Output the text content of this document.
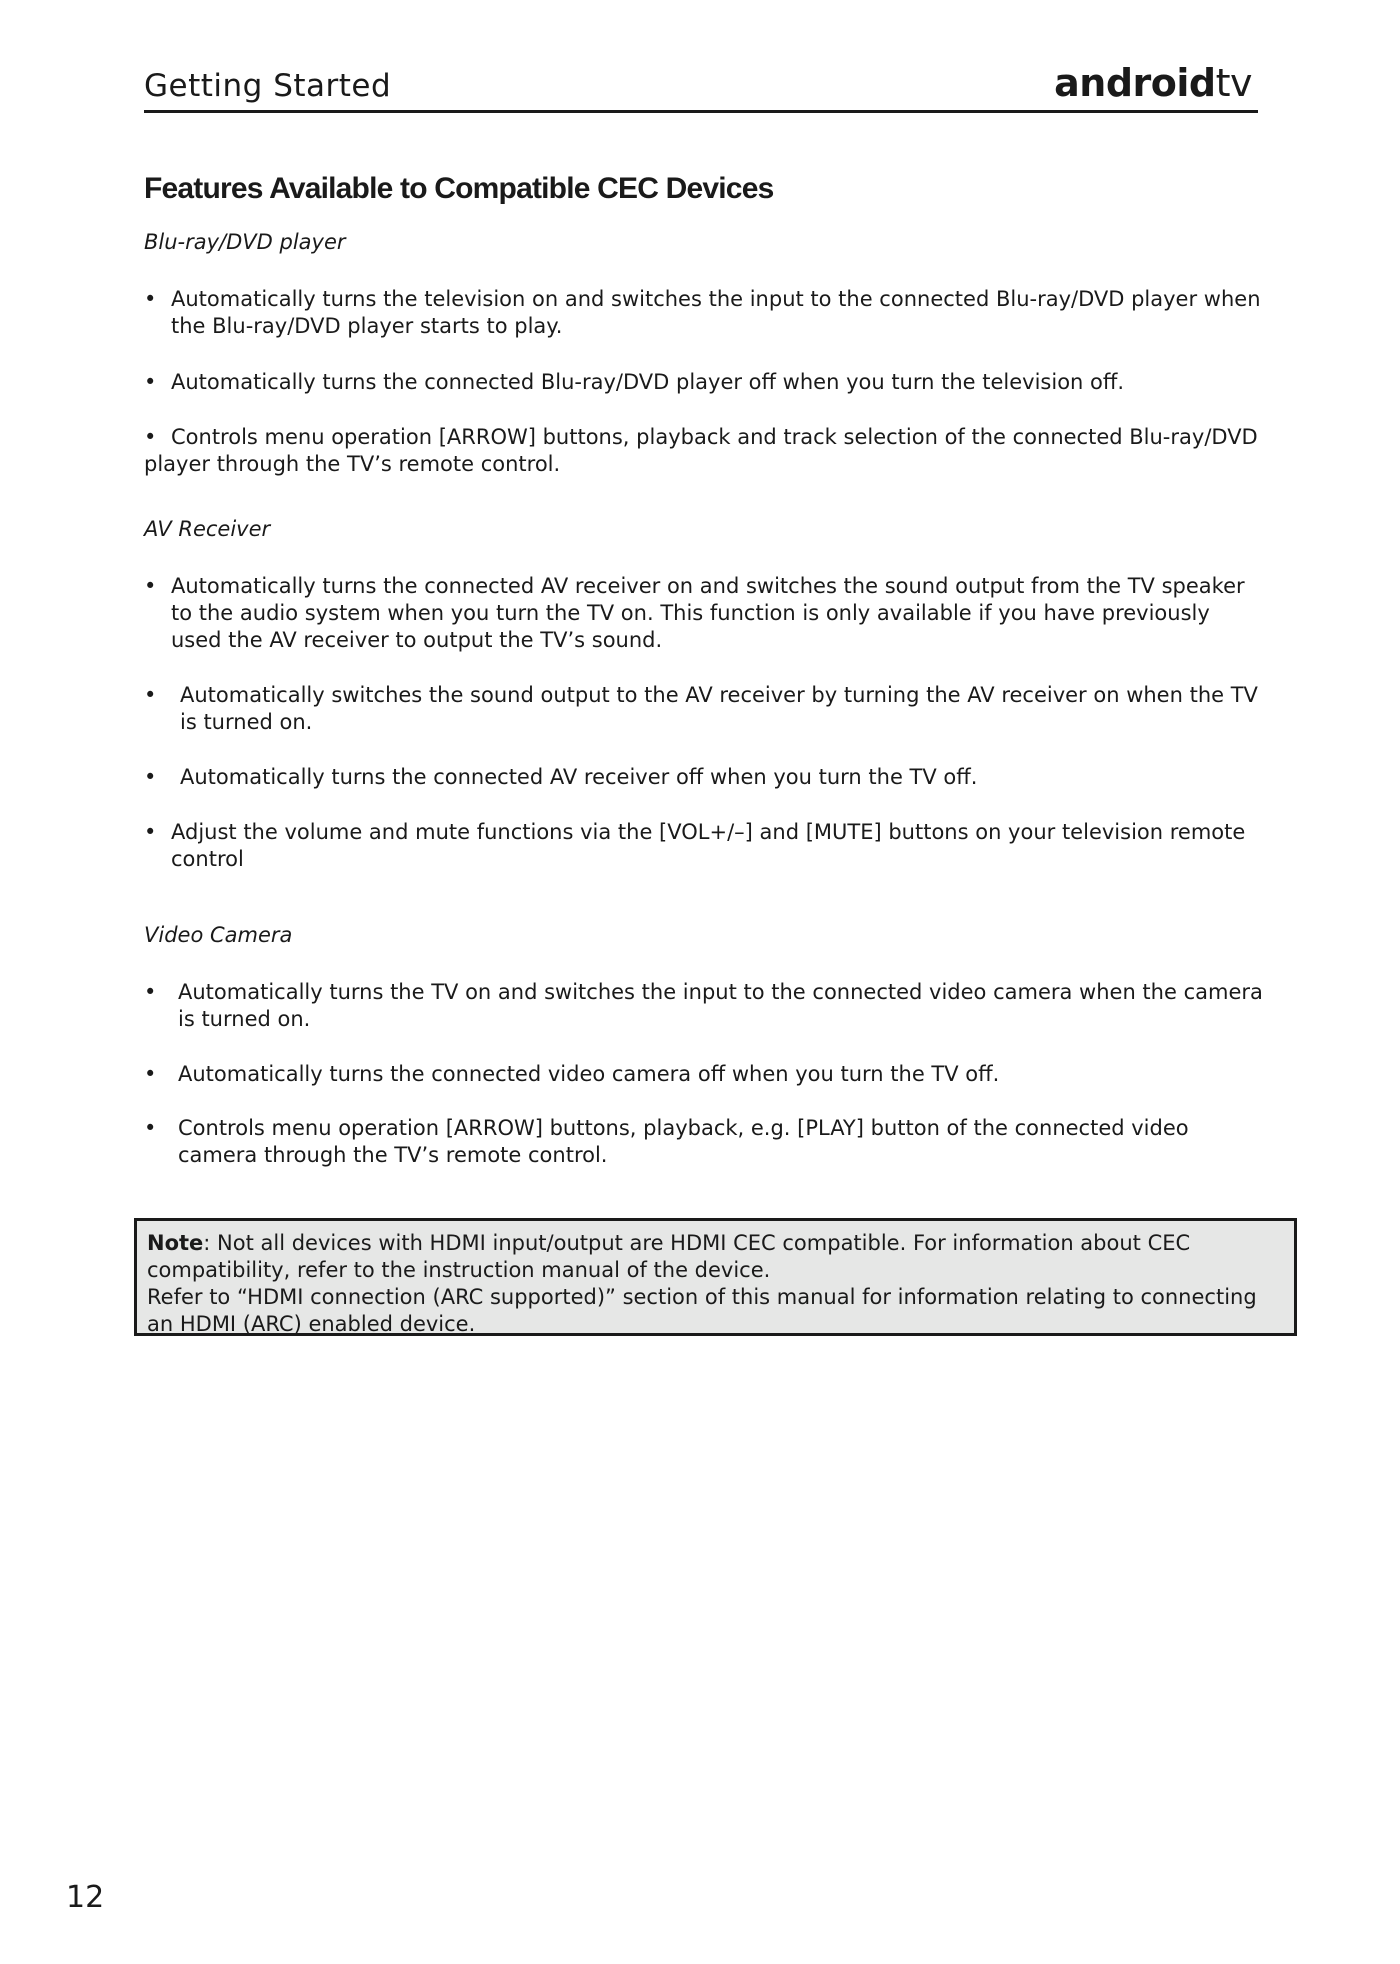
Getting Started	androidtv
Features Available to Compatible CEC Devices

Blu-ray/DVD player

• Automatically turns the television on and switches the input to the connected Blu-ray/DVD player when the Blu-ray/DVD player starts to play.

• Automatically turns the connected Blu-ray/DVD player off when you turn the television off.

• Controls menu operation [ARROW] buttons, playback and track selection of the connected Blu-ray/DVD player through the TV’s remote control.

AV Receiver

• Automatically turns the connected AV receiver on and switches the sound output from the TV speaker to the audio system when you turn the TV on. This function is only available if you have previously used the AV receiver to output the TV’s sound.

•	Automatically switches the sound output to the AV receiver by turning the AV receiver on when the TV is turned on.

•	Automatically turns the connected AV receiver off when you turn the TV off.

• Adjust the volume and mute functions via the [VOL+/–] and [MUTE] buttons on your television remote control

Video Camera

•	Automatically turns the TV on and switches the input to the connected video camera when the camera is turned on.

•	Automatically turns the connected video camera off when you turn the TV off.

•	Controls menu operation [ARROW] buttons, playback, e.g. [PLAY] button of the connected video camera through the TV’s remote control.

Note: Not all devices with HDMI input/output are HDMI CEC compatible. For information about CEC compatibility, refer to the instruction manual of the device.
Refer to “HDMI connection (ARC supported)” section of this manual for information relating to connecting an HDMI (ARC) enabled device.
12
